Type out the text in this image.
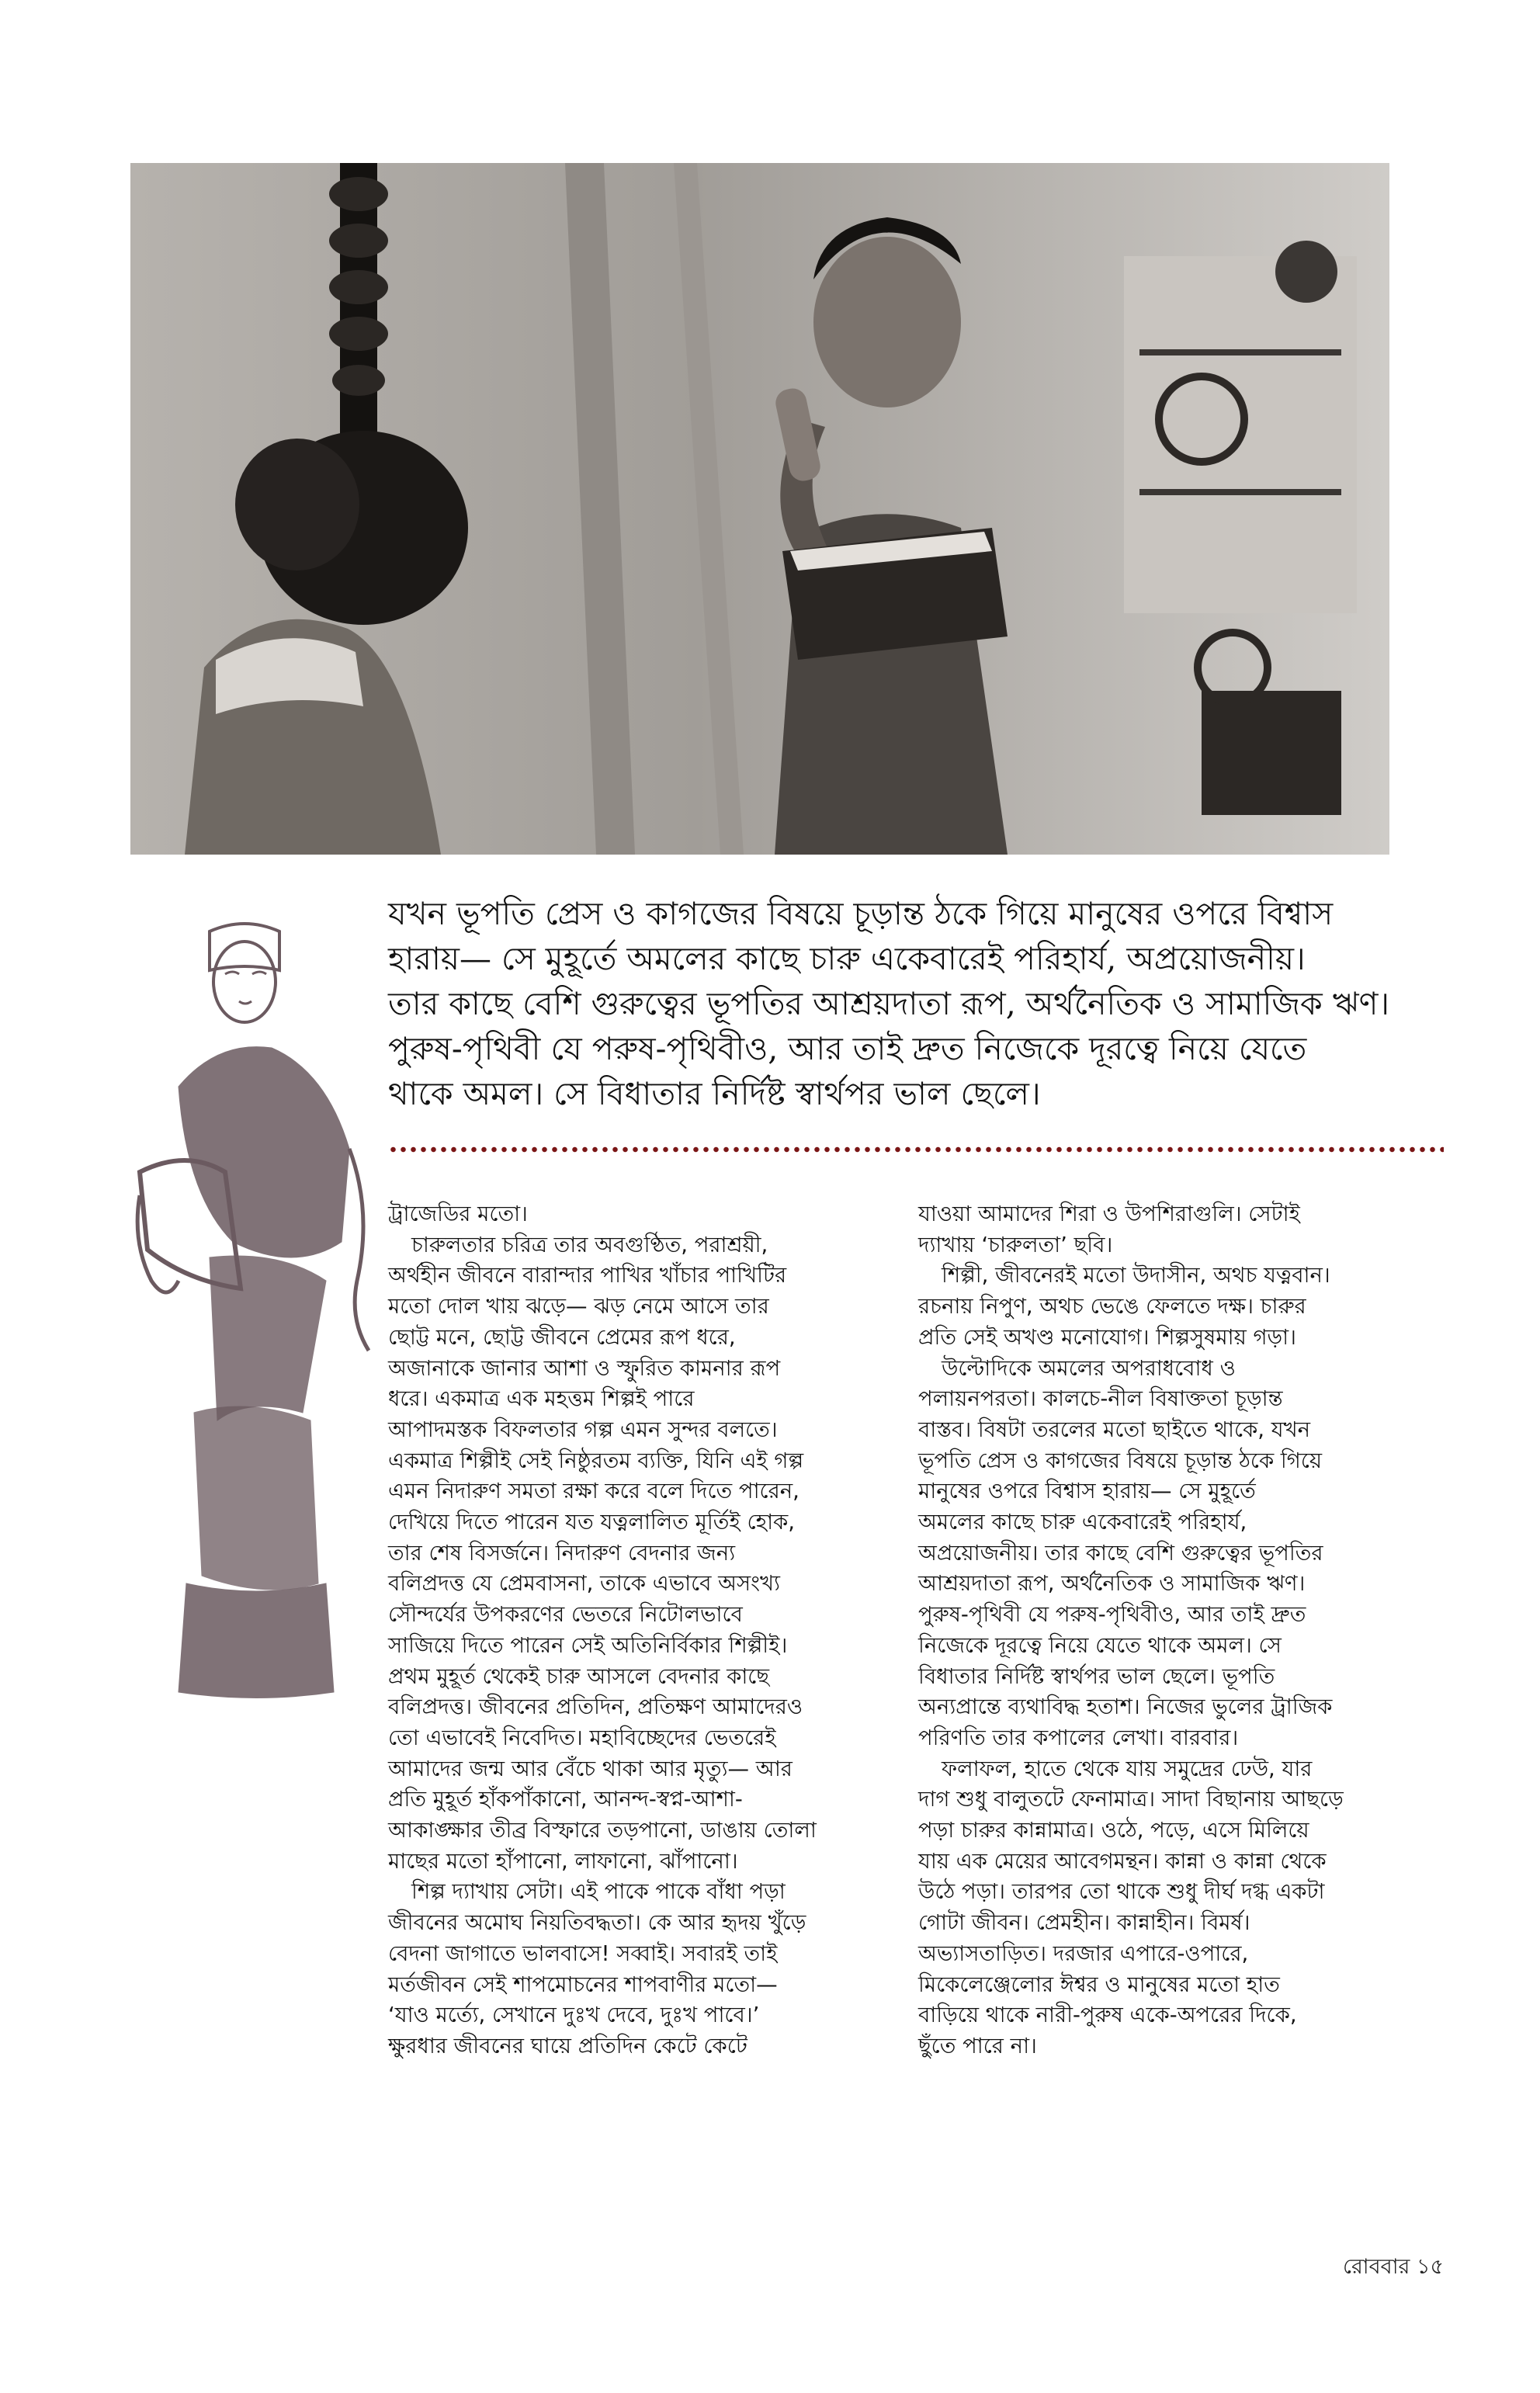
যখন ভূপতি প্রেস ও কাগজের বিষয়ে চূড়ান্ত ঠকে গিয়ে মানুষের ওপরে বিশ্বাস
হারায়— সে মুহূর্তে অমলের কাছে চারু একেবারেই পরিহার্য, অপ্রয়োজনীয়।
তার কাছে বেশি গুরুত্বের ভূপতির আশ্রয়দাতা রূপ, অর্থনৈতিক ও সামাজিক ঋণ।
পুরুষ-পৃথিবী যে পরুষ-পৃথিবীও, আর তাই দ্রুত নিজেকে দূরত্বে নিয়ে যেতে
থাকে অমল। সে বিধাতার নির্দিষ্ট স্বার্থপর ভাল ছেলে।
ট্রাজেডির মতো।
চারুলতার চরিত্র তার অবগুণ্ঠিত, পরাশ্রয়ী,
অর্থহীন জীবনে বারান্দার পাখির খাঁচার পাখিটির
মতো দোল খায় ঝড়ে— ঝড় নেমে আসে তার
ছোট্ট মনে, ছোট্ট জীবনে প্রেমের রূপ ধরে,
অজানাকে জানার আশা ও স্ফুরিত কামনার রূপ
ধরে। একমাত্র এক মহত্তম শিল্পই পারে
আপাদমস্তক বিফলতার গল্প এমন সুন্দর বলতে।
একমাত্র শিল্পীই সেই নিষ্ঠুরতম ব্যক্তি, যিনি এই গল্প
এমন নিদারুণ সমতা রক্ষা করে বলে দিতে পারেন,
দেখিয়ে দিতে পারেন যত যত্নলালিত মূর্তিই হোক,
তার শেষ বিসর্জনে। নিদারুণ বেদনার জন্য
বলিপ্রদত্ত যে প্রেমবাসনা, তাকে এভাবে অসংখ্য
সৌন্দর্যের উপকরণের ভেতরে নিটোলভাবে
সাজিয়ে দিতে পারেন সেই অতিনির্বিকার শিল্পীই।
প্রথম মুহূর্ত থেকেই চারু আসলে বেদনার কাছে
বলিপ্রদত্ত। জীবনের প্রতিদিন, প্রতিক্ষণ আমাদেরও
তো এভাবেই নিবেদিত। মহাবিচ্ছেদের ভেতরেই
আমাদের জন্ম আর বেঁচে থাকা আর মৃত্যু— আর
প্রতি মুহূর্ত হাঁকপাঁকানো, আনন্দ-স্বপ্ন-আশা-
আকাঙ্ক্ষার তীব্র বিস্ফারে তড়পানো, ডাঙায় তোলা
মাছের মতো হাঁপানো, লাফানো, ঝাঁপানো।
শিল্প দ্যাখায় সেটা। এই পাকে পাকে বাঁধা পড়া
জীবনের অমোঘ নিয়তিবদ্ধতা। কে আর হৃদয় খুঁড়ে
বেদনা জাগাতে ভালবাসে! সব্বাই। সবারই তাই
মর্তজীবন সেই শাপমোচনের শাপবাণীর মতো—
‘যাও মর্ত্যে, সেখানে দুঃখ দেবে, দুঃখ পাবে।’
ক্ষুরধার জীবনের ঘায়ে প্রতিদিন কেটে কেটে
যাওয়া আমাদের শিরা ও উপশিরাগুলি। সেটাই
দ্যাখায় ‘চারুলতা’ ছবি।
শিল্পী, জীবনেরই মতো উদাসীন, অথচ যত্নবান।
রচনায় নিপুণ, অথচ ভেঙে ফেলতে দক্ষ। চারুর
প্রতি সেই অখণ্ড মনোযোগ। শিল্পসুষমায় গড়া।
উল্টোদিকে অমলের অপরাধবোধ ও
পলায়নপরতা। কালচে-নীল বিষাক্ততা চূড়ান্ত
বাস্তব। বিষটা তরলের মতো ছাইতে থাকে, যখন
ভূপতি প্রেস ও কাগজের বিষয়ে চূড়ান্ত ঠকে গিয়ে
মানুষের ওপরে বিশ্বাস হারায়— সে মুহূর্তে
অমলের কাছে চারু একেবারেই পরিহার্য,
অপ্রয়োজনীয়। তার কাছে বেশি গুরুত্বের ভূপতির
আশ্রয়দাতা রূপ, অর্থনৈতিক ও সামাজিক ঋণ।
পুরুষ-পৃথিবী যে পরুষ-পৃথিবীও, আর তাই দ্রুত
নিজেকে দূরত্বে নিয়ে যেতে থাকে অমল। সে
বিধাতার নির্দিষ্ট স্বার্থপর ভাল ছেলে। ভূপতি
অন্যপ্রান্তে ব্যথাবিদ্ধ হতাশ। নিজের ভুলের ট্রাজিক
পরিণতি তার কপালের লেখা। বারবার।
ফলাফল, হাতে থেকে যায় সমুদ্রের ঢেউ, যার
দাগ শুধু বালুতটে ফেনামাত্র। সাদা বিছানায় আছড়ে
পড়া চারুর কান্নামাত্র। ওঠে, পড়ে, এসে মিলিয়ে
যায় এক মেয়ের আবেগমন্থন। কান্না ও কান্না থেকে
উঠে পড়া। তারপর তো থাকে শুধু দীর্ঘ দগ্ধ একটা
গোটা জীবন। প্রেমহীন। কান্নাহীন। বিমর্ষ।
অভ্যাসতাড়িত। দরজার এপারে-ওপারে,
মিকেলেঞ্জেলোর ঈশ্বর ও মানুষের মতো হাত
বাড়িয়ে থাকে নারী-পুরুষ একে-অপরের দিকে,
ছুঁতে পারে না।
রোববার ১৫
